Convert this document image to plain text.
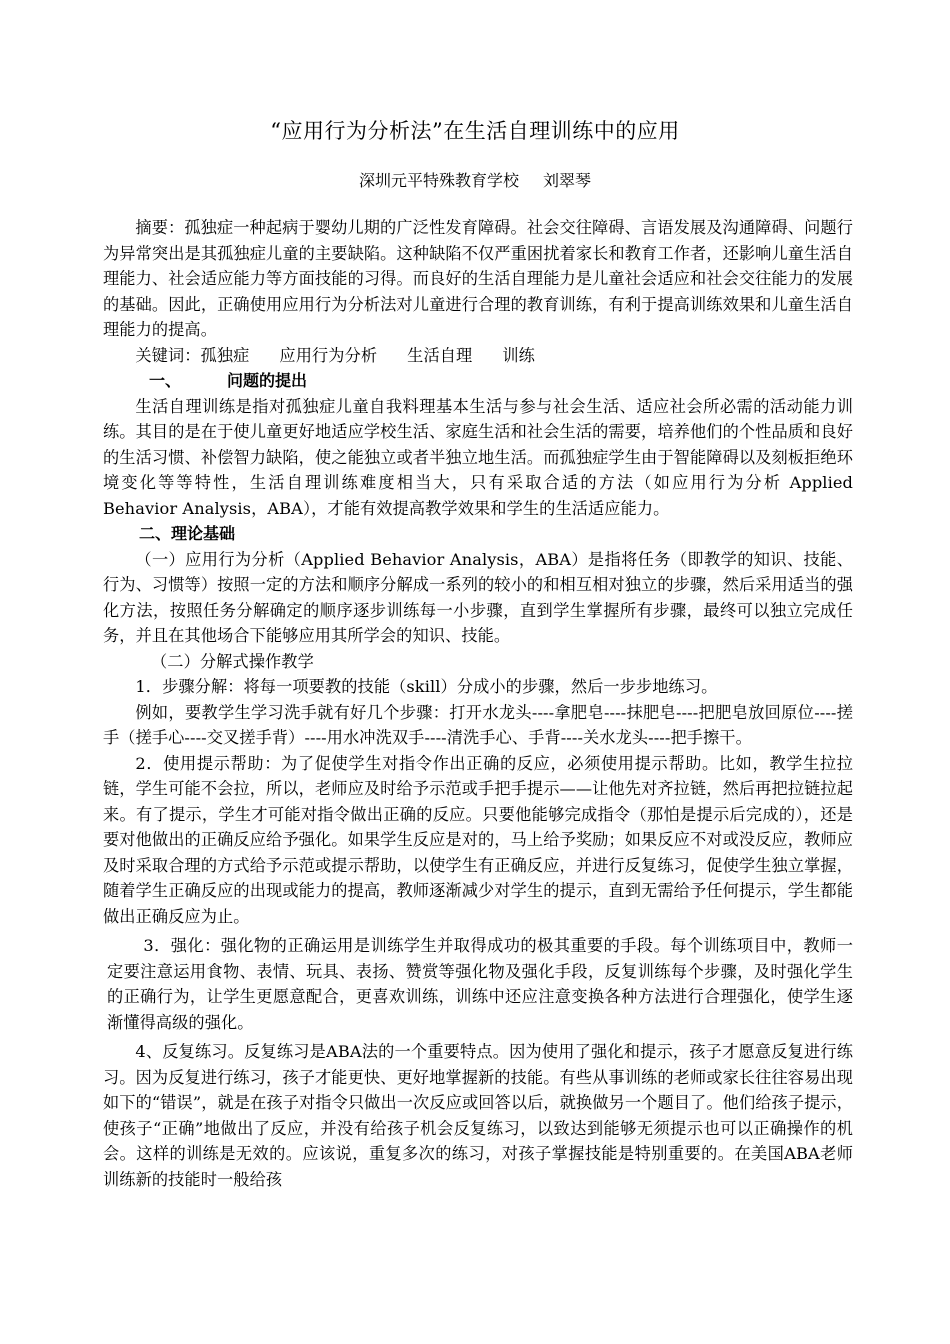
“应用行为分析法”在生活自理训练中的应用
深圳元平特殊教育学校 刘翠琴

摘要：孤独症一种起病于婴幼儿期的广泛性发育障碍。社会交往障碍、言语发展及沟通障碍、问题行为异常突出是其孤独症儿童的主要缺陷。这种缺陷不仅严重困扰着家长和教育工作者，还影响儿童生活自理能力、社会适应能力等方面技能的习得。而良好的生活自理能力是儿童社会适应和社会交往能力的发展的基础。因此，正确使用应用行为分析法对儿童进行合理的教育训练，有利于提高训练效果和儿童生活自理能力的提高。

关键词：孤独症 应用行为分析 生活自理 训练

一、	问题的提出

生活自理训练是指对孤独症儿童自我料理基本生活与参与社会生活、适应社会所必需的活动能力训练。其目的是在于使儿童更好地适应学校生活、家庭生活和社会生活的需要，培养他们的个性品质和良好的生活习惯、补偿智力缺陷，使之能独立或者半独立地生活。而孤独症学生由于智能障碍以及刻板拒绝环境变化等等特性，生活自理训练难度相当大，只有采取合适的方法（如应用行为分析 Applied Behavior Analysis，ABA），才能有效提高教学效果和学生的生活适应能力。

二、理论基础

（一）应用行为分析（Applied Behavior Analysis，ABA）是指将任务（即教学的知识、技能、行为、习惯等）按照一定的方法和顺序分解成一系列的较小的和相互相对独立的步骤，然后采用适当的强化方法，按照任务分解确定的顺序逐步训练每一小步骤，直到学生掌握所有步骤，最终可以独立完成任务，并且在其他场合下能够应用其所学会的知识、技能。

（二）分解式操作教学

1．步骤分解：将每一项要教的技能（skill）分成小的步骤，然后一步步地练习。

例如，要教学生学习洗手就有好几个步骤：打开水龙头----拿肥皂----抹肥皂----把肥皂放回原位----搓手（搓手心----交叉搓手背）----用水冲洗双手----清洗手心、手背----关水龙头----把手擦干。

2．使用提示帮助：为了促使学生对指令作出正确的反应，必须使用提示帮助。比如，教学生拉拉链，学生可能不会拉，所以，老师应及时给予示范或手把手提示——让他先对齐拉链，然后再把拉链拉起来。有了提示，学生才可能对指令做出正确的反应。只要他能够完成指令（那怕是提示后完成的），还是要对他做出的正确反应给予强化。如果学生反应是对的，马上给予奖励；如果反应不对或没反应，教师应及时采取合理的方式给予示范或提示帮助，以使学生有正确反应，并进行反复练习，促使学生独立掌握，随着学生正确反应的出现或能力的提高，教师逐渐减少对学生的提示，直到无需给予任何提示，学生都能做出正确反应为止。

3．强化：强化物的正确运用是训练学生并取得成功的极其重要的手段。每个训练项目中，教师一定要注意运用食物、表情、玩具、表扬、赞赏等强化物及强化手段，反复训练每个步骤，及时强化学生的正确行为，让学生更愿意配合，更喜欢训练，训练中还应注意变换各种方法进行合理强化，使学生逐渐懂得高级的强化。

4、反复练习。反复练习是ABA法的一个重要特点。因为使用了强化和提示，孩子才愿意反复进行练习。因为反复进行练习，孩子才能更快、更好地掌握新的技能。有些从事训练的老师或家长往往容易出现如下的“错误”，就是在孩子对指令只做出一次反应或回答以后，就换做另一个题目了。他们给孩子提示，使孩子“正确”地做出了反应，并没有给孩子机会反复练习，以致达到能够无须提示也可以正确操作的机会。这样的训练是无效的。应该说，重复多次的练习，对孩子掌握技能是特别重要的。在美国ABA老师训练新的技能时一般给孩
